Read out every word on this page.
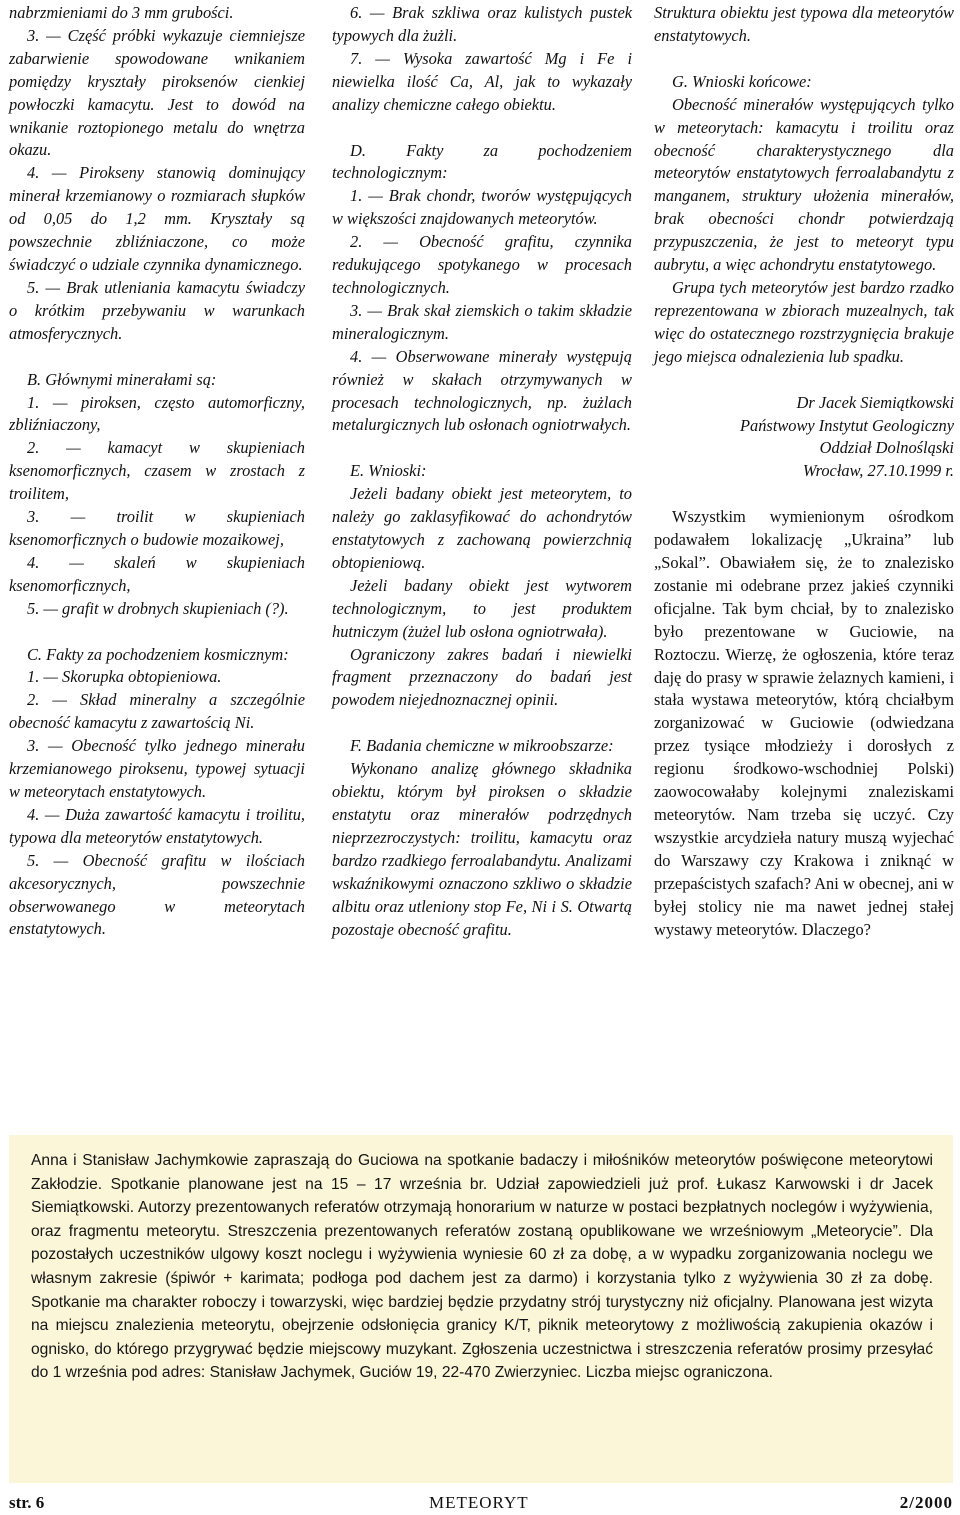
nabrzmieniami do 3 mm grubości.

3. — Część próbki wykazuje ciemniejsze zabarwienie spowodowane wnikaniem pomiędzy kryształy piroksenów cienkiej powłoczki kamacytu. Jest to dowód na wnikanie roztopionego metalu do wnętrza okazu.

4. — Pirokseny stanowią dominujący minerał krzemianowy o rozmiarach słupków od 0,05 do 1,2 mm. Kryształy są powszechnie zbliźniaczone, co może świadczyć o udziale czynnika dynamicznego.

5. — Brak utleniania kamacytu świadczy o krótkim przebywaniu w warunkach atmosferycznych.

B. Głównymi minerałami są:

1. — piroksen, często automorficzny, zbliźniaczony,

2. — kamacyt w skupieniach ksenomorficznych, czasem w zrostach z troilitem,

3. — troilit w skupieniach ksenomorficznych o budowie mozaikowej,

4. — skaleń w skupieniach ksenomorficznych,

5. — grafit w drobnych skupieniach (?).

C. Fakty za pochodzeniem kosmicznym:

1. — Skorupka obtopieniowa.

2. — Skład mineralny a szczególnie obecność kamacytu z zawartością Ni.

3. — Obecność tylko jednego minerału krzemianowego piroksenu, typowej sytuacji w meteorytach enstatytowych.

4. — Duża zawartość kamacytu i troilitu, typowa dla meteorytów enstatytowych.

5. — Obecność grafitu w ilościach akcesorycznych, powszechnie obserwowanego w meteorytach enstatytowych.

6. — Brak szkliwa oraz kulistych pustek typowych dla żużli.

7. — Wysoka zawartość Mg i Fe i niewielka ilość Ca, Al, jak to wykazały analizy chemiczne całego obiektu.

D. Fakty za pochodzeniem technologicznym:

1. — Brak chondr, tworów występujących w większości znajdowanych meteorytów.

2. — Obecność grafitu, czynnika redukującego spotykanego w procesach technologicznych.

3. — Brak skał ziemskich o takim składzie mineralogicznym.

4. — Obserwowane minerały występują również w skałach otrzymywanych w procesach technologicznych, np. żużlach metalurgicznych lub osłonach ogniotrwałych.

E. Wnioski:

Jeżeli badany obiekt jest meteorytem, to należy go zaklasyfikować do achondrytów enstatytowych z zachowaną powierzchnią obtopieniową.

Jeżeli badany obiekt jest wytworem technologicznym, to jest produktem hutniczym (żużel lub osłona ogniotrwała).

Ograniczony zakres badań i niewielki fragment przeznaczony do badań jest powodem niejednoznacznej opinii.

F. Badania chemiczne w mikroobszarze:

Wykonano analizę głównego składnika obiektu, którym był piroksen o składzie enstatytu oraz minerałów podrzędnych nieprzezroczystych: troilitu, kamacytu oraz bardzo rzadkiego ferroalabandytu. Analizami wskaźnikowymi oznaczono szkliwo o składzie albitu oraz utleniony stop Fe, Ni i S. Otwartą pozostaje obecność grafitu.

Struktura obiektu jest typowa dla meteorytów enstatytowych.

G. Wnioski końcowe:

Obecność minerałów występujących tylko w meteorytach: kamacytu i troilitu oraz obecność charakterystycznego dla meteorytów enstatytowych ferroalabandytu z manganem, struktury ułożenia minerałów, brak obecności chondr potwierdzają przypuszczenia, że jest to meteoryt typu aubrytu, a więc achondrytu enstatytowego.

Grupa tych meteorytów jest bardzo rzadko reprezentowana w zbiorach muzealnych, tak więc do ostatecznego rozstrzygnięcia brakuje jego miejsca odnalezienia lub spadku.

Dr Jacek Siemiątkowski

Państwowy Instytut Geologiczny

Oddział Dolnośląski

Wrocław, 27.10.1999 r.

Wszystkim wymienionym ośrodkom podawałem lokalizację „Ukraina” lub „Sokal”. Obawiałem się, że to znalezisko zostanie mi odebrane przez jakieś czynniki oficjalne. Tak bym chciał, by to znalezisko było prezentowane w Guciowie, na Roztoczu. Wierzę, że ogłoszenia, które teraz daję do prasy w sprawie żelaznych kamieni, i stała wystawa meteorytów, którą chciałbym zorganizować w Guciowie (odwiedzana przez tysiące młodzieży i dorosłych z regionu środkowo-wschodniej Polski) zaowocowałaby kolejnymi znaleziskami meteorytów. Nam trzeba się uczyć. Czy wszystkie arcydzieła natury muszą wyjechać do Warszawy czy Krakowa i zniknąć w przepaścistych szafach? Ani w obecnej, ani w byłej stolicy nie ma nawet jednej stałej wystawy meteorytów. Dlaczego?

Anna i Stanisław Jachymkowie zapraszają do Guciowa na spotkanie badaczy i miłośników meteorytów poświęcone meteorytowi Zakłodzie. Spotkanie planowane jest na 15 – 17 września br. Udział zapowiedzieli już prof. Łukasz Karwowski i dr Jacek Siemiątkowski. Autorzy prezentowanych referatów otrzymają honorarium w naturze w postaci bezpłatnych noclegów i wyżywienia, oraz fragmentu meteorytu. Streszczenia prezentowanych referatów zostaną opublikowane we wrześniowym „Meteorycie”. Dla pozostałych uczestników ulgowy koszt noclegu i wyżywienia wyniesie 60 zł za dobę, a w wypadku zorganizowania noclegu we własnym zakresie (śpiwór + karimata; podłoga pod dachem jest za darmo) i korzystania tylko z wyżywienia 30 zł za dobę. Spotkanie ma charakter roboczy i towarzyski, więc bardziej będzie przydatny strój turystyczny niż oficjalny. Planowana jest wizyta na miejscu znalezienia meteorytu, obejrzenie odsłonięcia granicy K/T, piknik meteorytowy z możliwością zakupienia okazów i ognisko, do którego przygrywać będzie miejscowy muzykant. Zgłoszenia uczestnictwa i streszczenia referatów prosimy przesyłać do 1 września pod adres: Stanisław Jachymek, Guciów 19, 22-470 Zwierzyniec. Liczba miejsc ograniczona.

str. 6	METEORYT	2/2000
